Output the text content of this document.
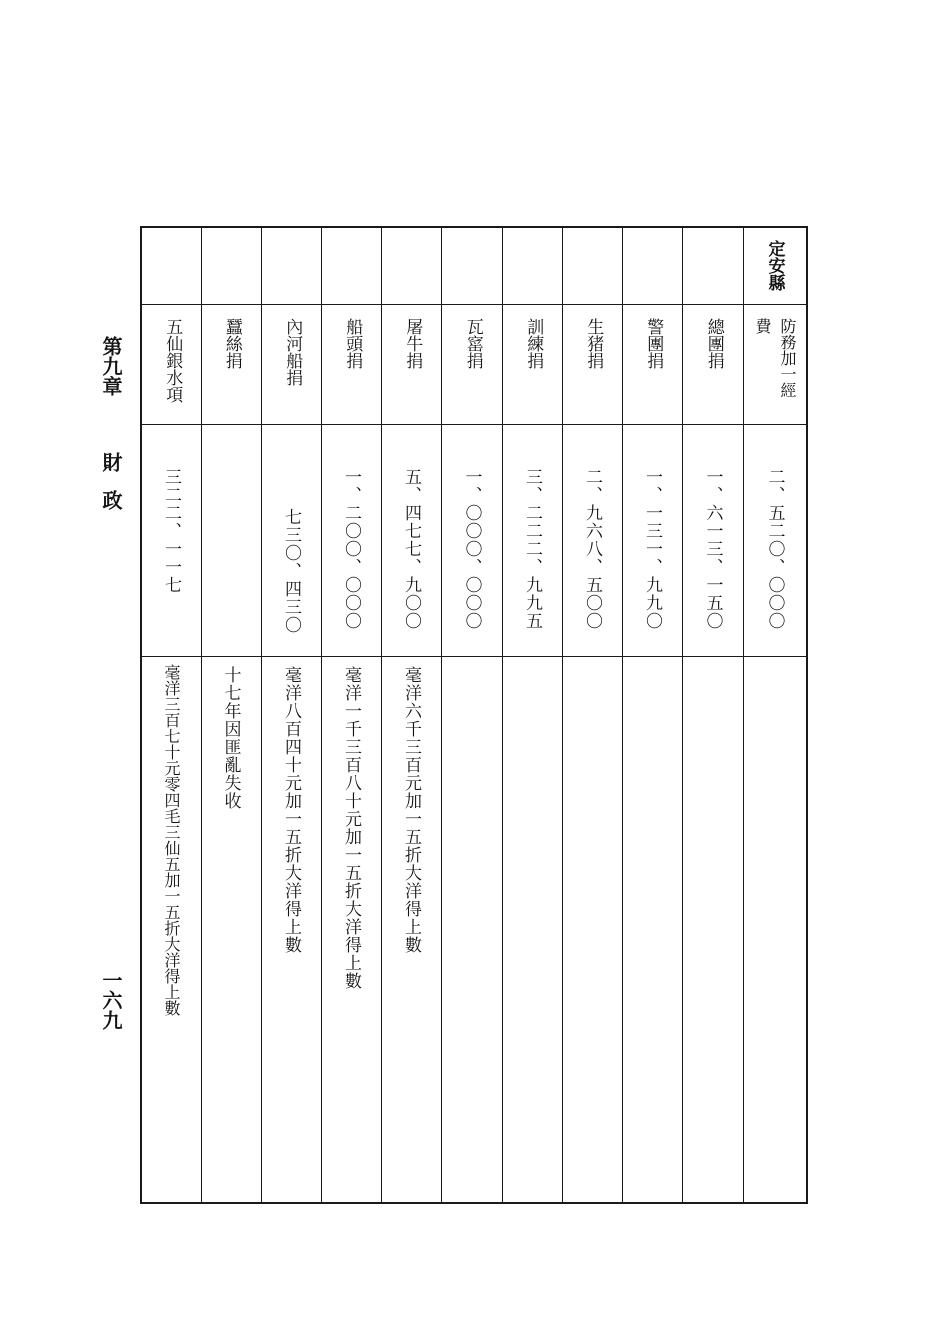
第九章
財政
一六九
五仙銀水項
三二二、一一七
毫洋三百七十元零四毛三仙五加一五折大洋得上數
蠶絲捐
十七年因匪亂失收
內河船捐
七三〇、四三〇
毫洋八百四十元加一五折大洋得上數
船頭捐
一、二〇〇、〇〇〇
毫洋一千三百八十元加一五折大洋得上數
屠牛捐
五、四七七、九〇〇
毫洋六千三百元加一五折大洋得上數
瓦窰捐
一、〇〇〇、〇〇〇
訓練捐
三、二二二、九九五
生猪捐
二、九六八、五〇〇
警團捐
一、一三一、九九〇
總團捐
一、六一三、一五〇
定安縣
防務加一經
費
二、五二〇、〇〇〇
